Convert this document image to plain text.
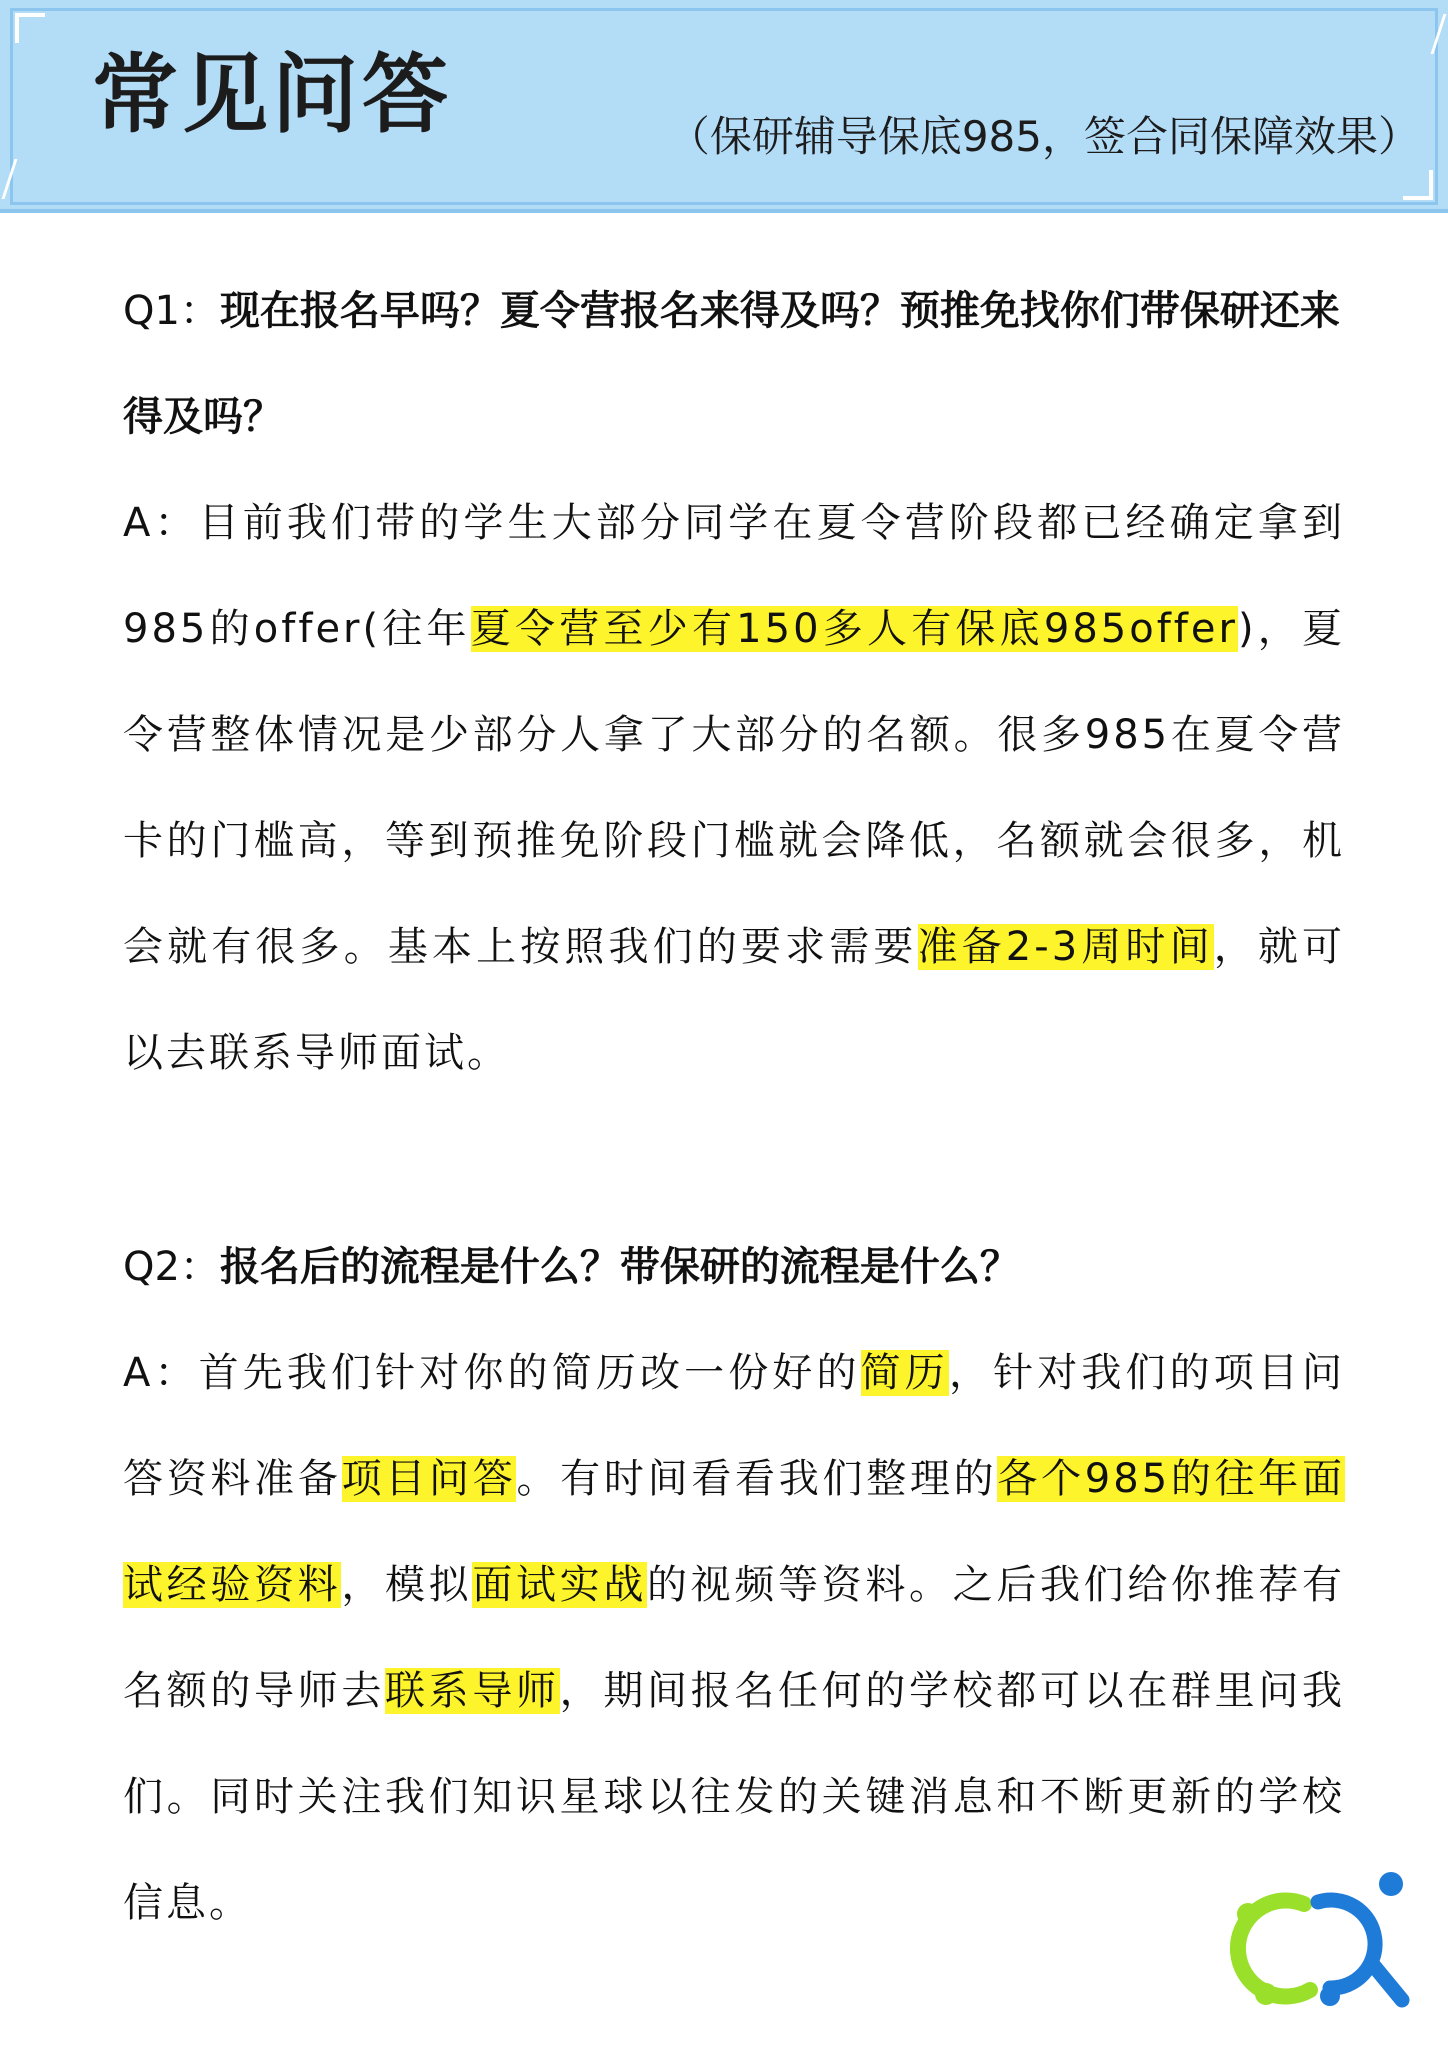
常见问答	（保研辅导保底985，签合同保障效果）

Q1：现在报名早吗？夏令营报名来得及吗？预推免找你们带保研还来得及吗？

A：目前我们带的学生大部分同学在夏令营阶段都已经确定拿到985的offer(往年夏令营至少有150多人有保底985offer)，夏令营整体情况是少部分人拿了大部分的名额。很多985在夏令营卡的门槛高，等到预推免阶段门槛就会降低，名额就会很多，机会就有很多。基本上按照我们的要求需要准备2-3周时间，就可以去联系导师面试。

Q2：报名后的流程是什么？带保研的流程是什么？

A：首先我们针对你的简历改一份好的简历，针对我们的项目问答资料准备项目问答。有时间看看我们整理的各个985的往年面试经验资料，模拟面试实战的视频等资料。之后我们给你推荐有名额的导师去联系导师，期间报名任何的学校都可以在群里问我们。同时关注我们知识星球以往发的关键消息和不断更新的学校信息。
